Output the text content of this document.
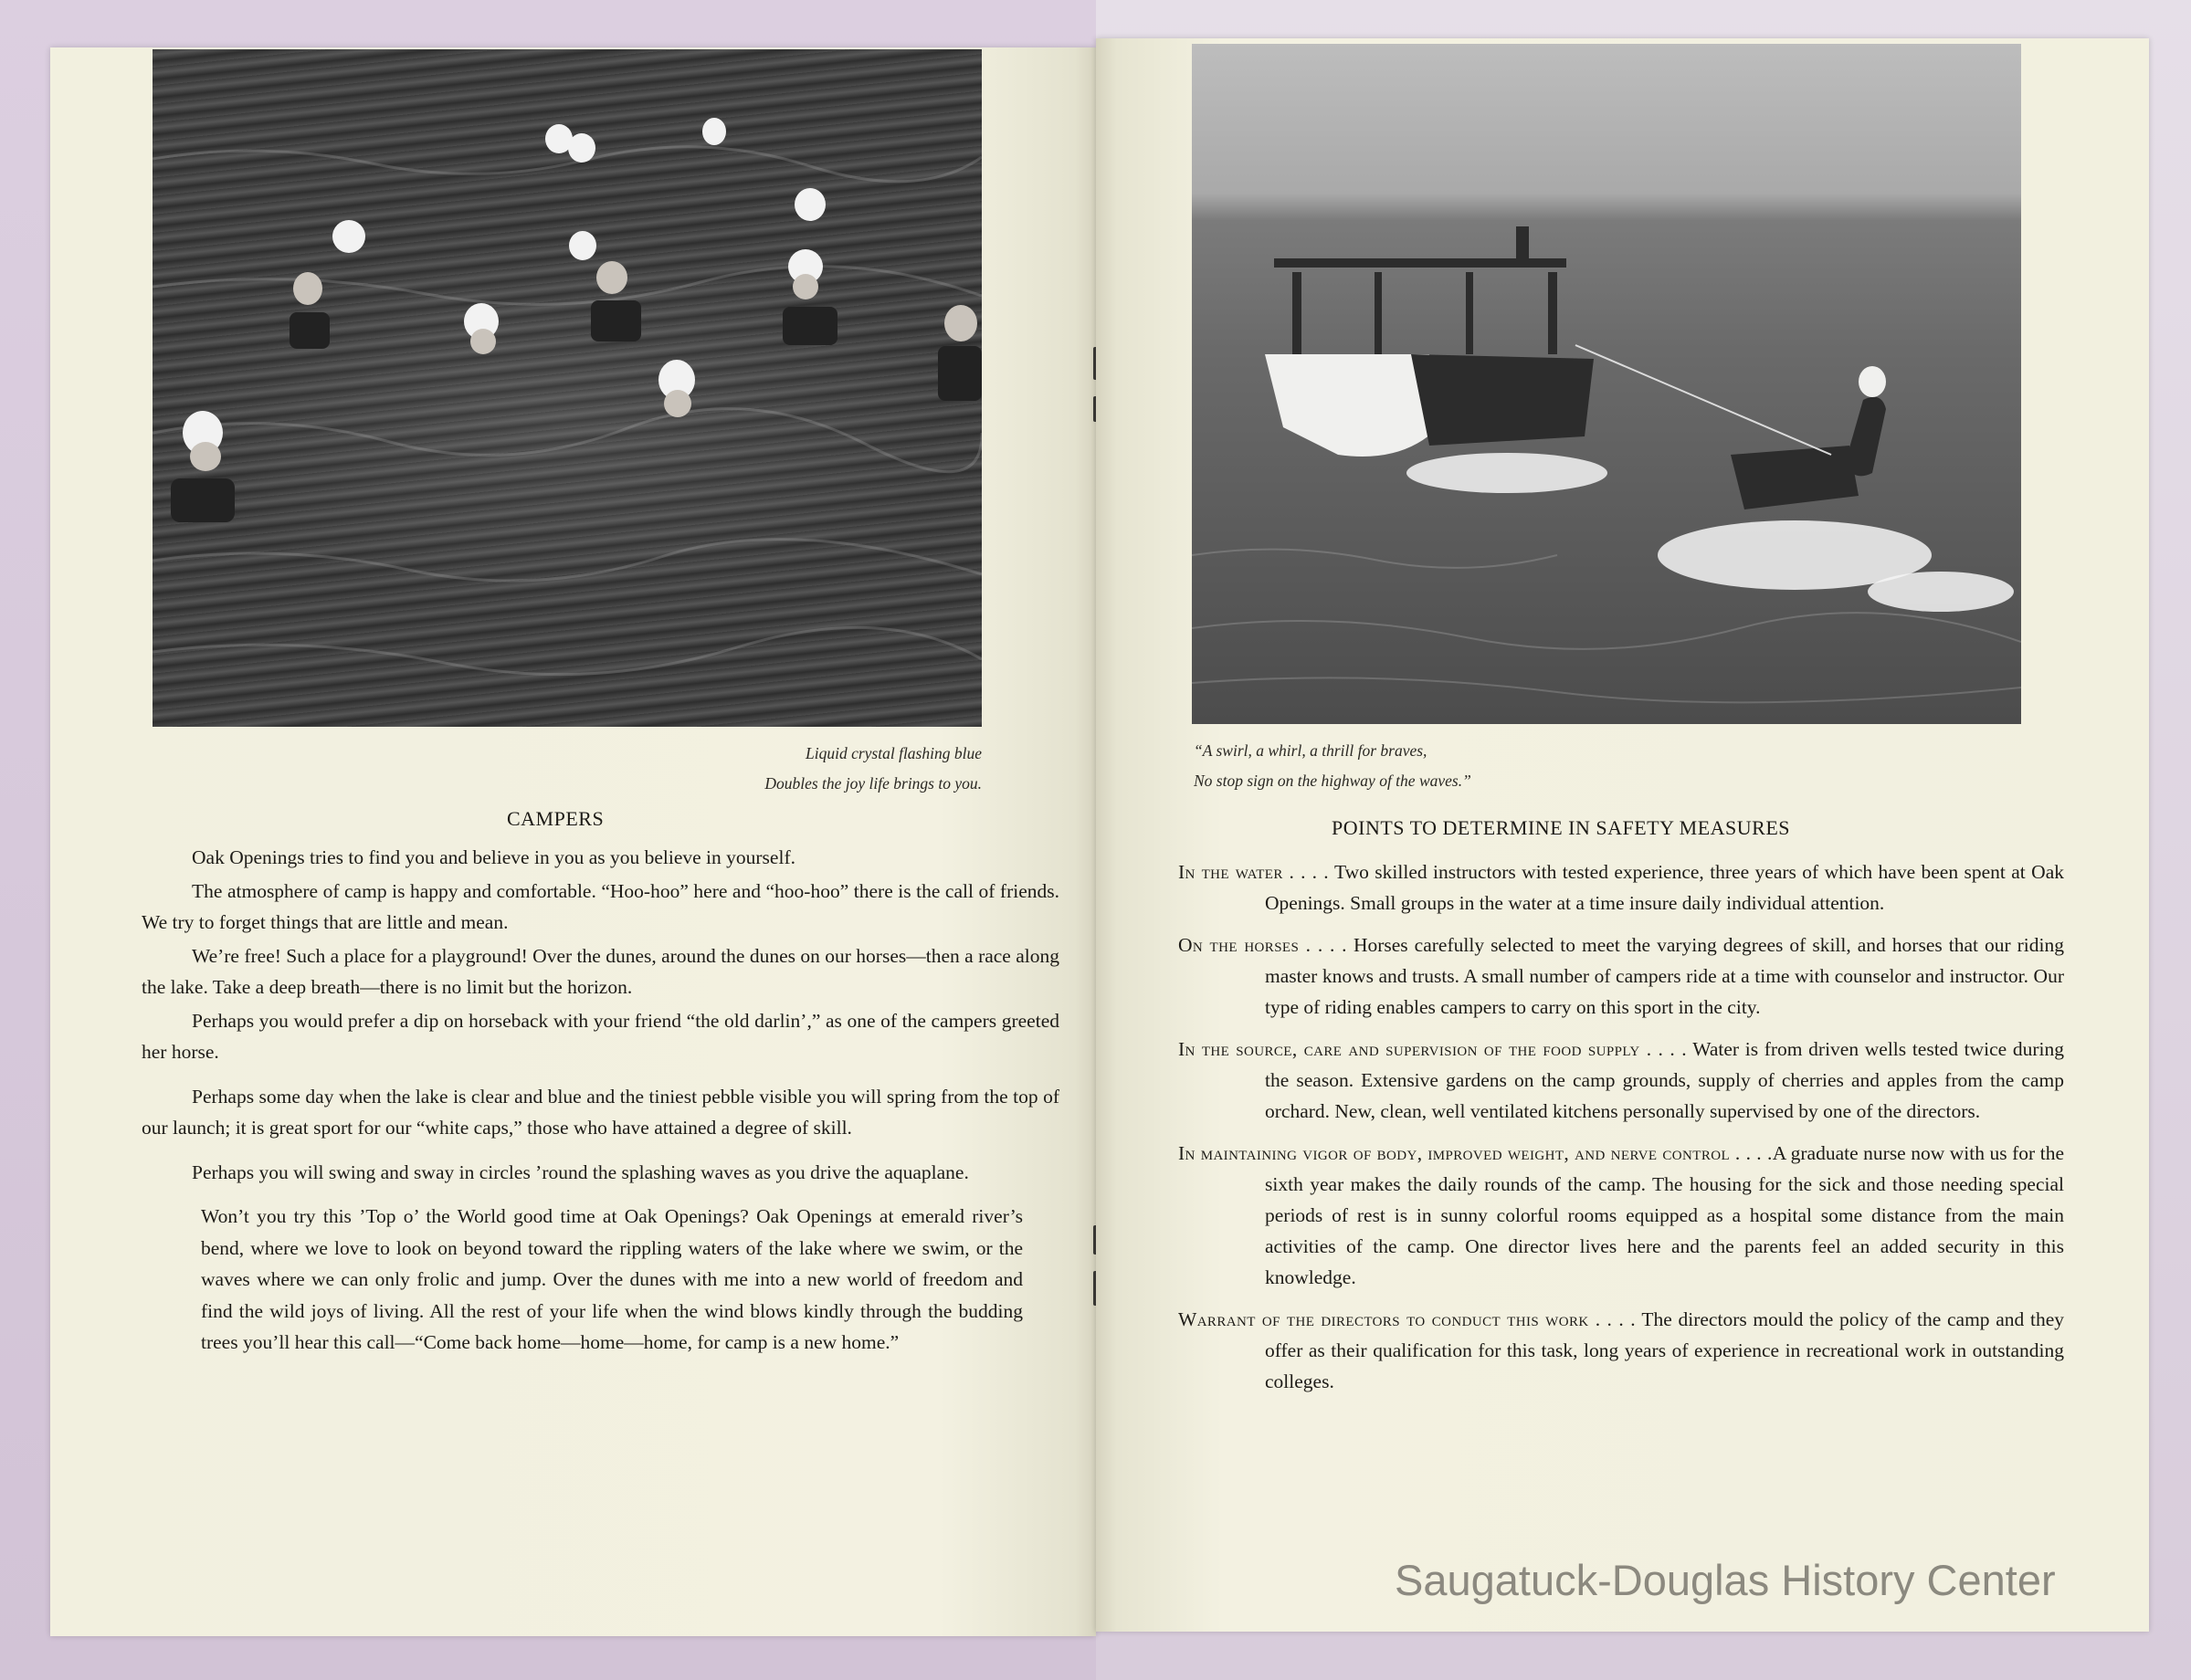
Liquid crystal flashing blue
Doubles the joy life brings to you.
CAMPERS

Oak Openings tries to find you and believe in you as you believe in yourself.

The atmosphere of camp is happy and comfortable. “Hoo-hoo” here and “hoo-hoo” there is the call of friends. We try to forget things that are little and mean.

We’re free! Such a place for a playground! Over the dunes, around the dunes on our horses—then a race along the lake. Take a deep breath—there is no limit but the horizon.

Perhaps you would prefer a dip on horseback with your friend “the old darlin’,” as one of the campers greeted her horse.

Perhaps some day when the lake is clear and blue and the tiniest pebble visible you will spring from the top of our launch; it is great sport for our “white caps,” those who have attained a degree of skill.

Perhaps you will swing and sway in circles ’round the splashing waves as you drive the aquaplane.

Won’t you try this ’Top o’ the World good time at Oak Openings? Oak Openings at emerald river’s bend, where we love to look on beyond toward the rippling waters of the lake where we swim, or the waves where we can only frolic and jump. Over the dunes with me into a new world of freedom and find the wild joys of living. All the rest of your life when the wind blows kindly through the budding trees you’ll hear this call—“Come back home—home—home, for camp is a new home.”

“A swirl, a whirl, a thrill for braves,
No stop sign on the highway of the waves.”
POINTS TO DETERMINE IN SAFETY MEASURES

In the water . . . . Two skilled instructors with tested experience, three years of which have been spent at Oak Openings. Small groups in the water at a time insure daily individual attention.

On the horses . . . . Horses carefully selected to meet the varying degrees of skill, and horses that our riding master knows and trusts. A small number of campers ride at a time with counselor and instructor. Our type of riding enables campers to carry on this sport in the city.

In the source, care and supervision of the food supply . . . . Water is from driven wells tested twice during the season. Extensive gardens on the camp grounds, supply of cherries and apples from the camp orchard. New, clean, well ventilated kitchens personally supervised by one of the directors.

In maintaining vigor of body, improved weight, and nerve control . . . .A graduate nurse now with us for the sixth year makes the daily rounds of the camp. The housing for the sick and those needing special periods of rest is in sunny colorful rooms equipped as a hospital some distance from the main activities of the camp. One director lives here and the parents feel an added security in this knowledge.

Warrant of the directors to conduct this work . . . . The directors mould the policy of the camp and they offer as their qualification for this task, long years of experience in recreational work in outstanding colleges.

Saugatuck-Douglas History Center
